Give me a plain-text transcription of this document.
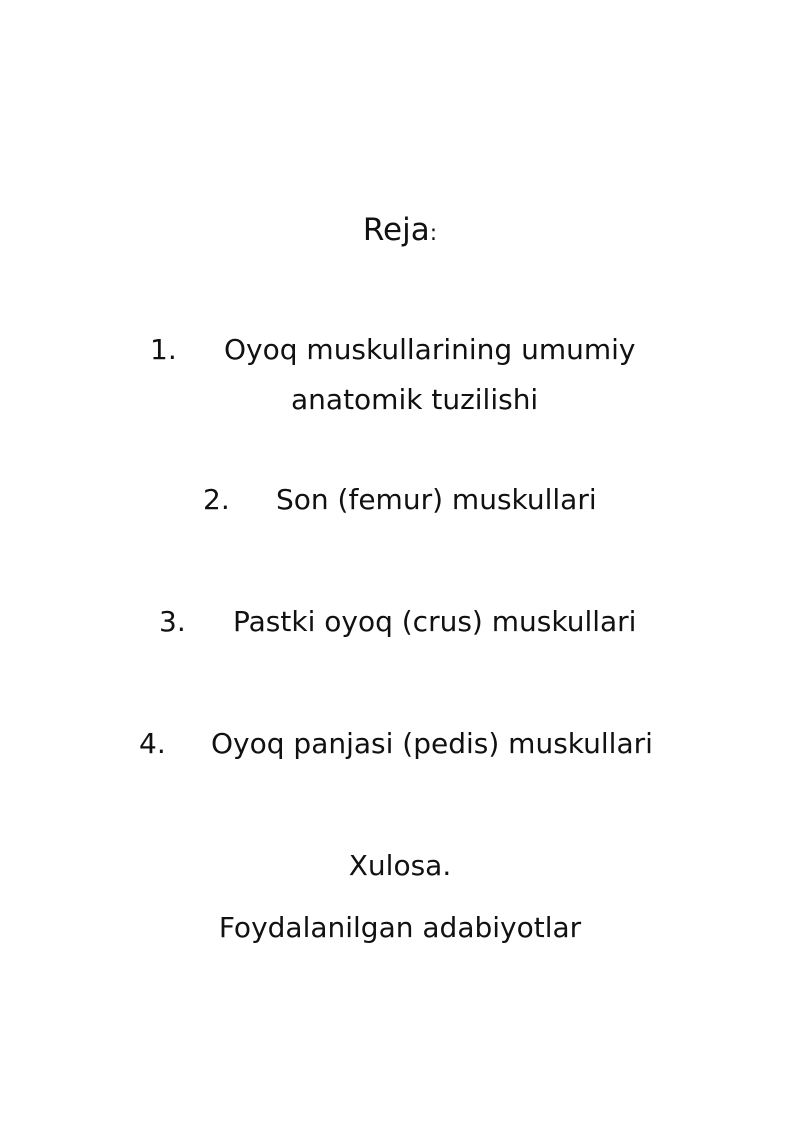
Reja:
1. Oyoq muskullarining umumiy
anatomik tuzilishi
2. Son (femur) muskullari
3. Pastki oyoq (crus) muskullari
4. Oyoq panjasi (pedis) muskullari
Xulosa.
Foydalanilgan adabiyotlar
